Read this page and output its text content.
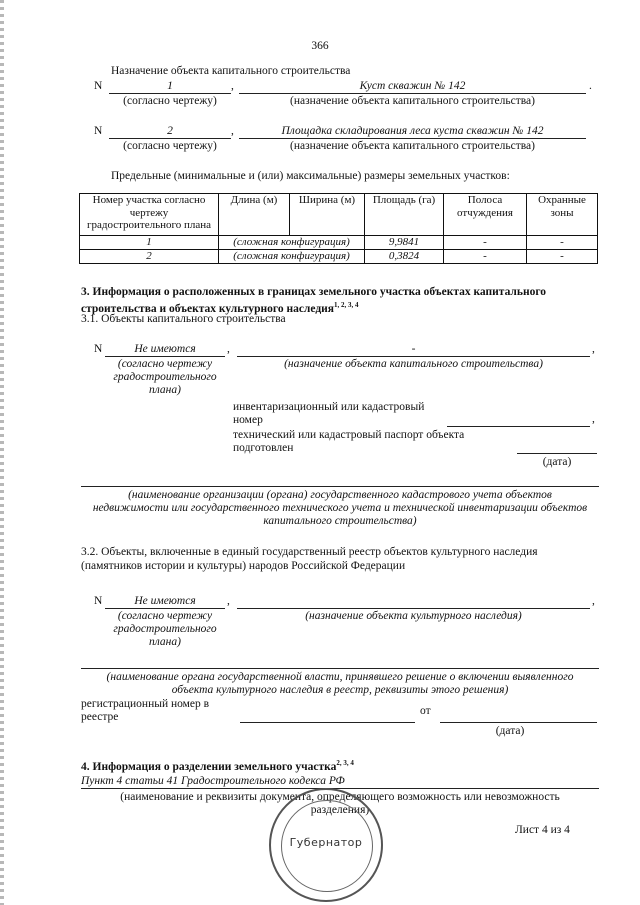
366
Назначение объекта капитального строительства
N	1	,	Куст скважин № 142	.
(согласно чертежу)	(назначение объекта капитального строительства)
N	2	,	Площадка складирования леса куста скважин № 142
(согласно чертежу)	(назначение объекта капитального строительства)
Предельные (минимальные и (или) максимальные) размеры земельных участков:
Номер участка согласно чертежу градостроительного плана	Длина (м)	Ширина (м)	Площадь (га)	Полоса отчуждения	Охранные зоны
1	(сложная конфигурация)		9,9841	-	-
2	(сложная конфигурация)		0,3824	-	-
3. Информация о расположенных в границах земельного участка объектах капитального
строительства и объектах культурного наследия$^{1, 2, 3, 4}$
3.1. Объекты капитального строительства
N	Не имеются	,	-	,
(согласно чертежу
градостроительного
плана)
(назначение объекта капитального строительства)
инвентаризационный или кадастровый
номер	,
технический или кадастровый паспорт объекта
подготовлен
(дата)
(наименование организации (органа) государственного кадастрового учета объектов
недвижимости или государственного технического учета и технической инвентаризации объектов
капитального строительства)
3.2. Объекты, включенные в единый государственный реестр объектов культурного наследия
(памятников истории и культуры) народов Российской Федерации
N	Не имеются	,	,
(согласно чертежу
градостроительного
плана)
(назначение объекта культурного наследия)
(наименование органа государственной власти, принявшего решение о включении выявленного
объекта культурного наследия в реестр, реквизиты этого решения)
регистрационный номер в
реестре	от
(дата)
4. Информация о разделении земельного участка$^{2, 3, 4}$
Пункт 4 статьи 41 Градостроительного кодекса РФ
(наименование и реквизиты документа, определяющего возможность или невозможность
разделения)
Лист 4 из 4
Губернатор
